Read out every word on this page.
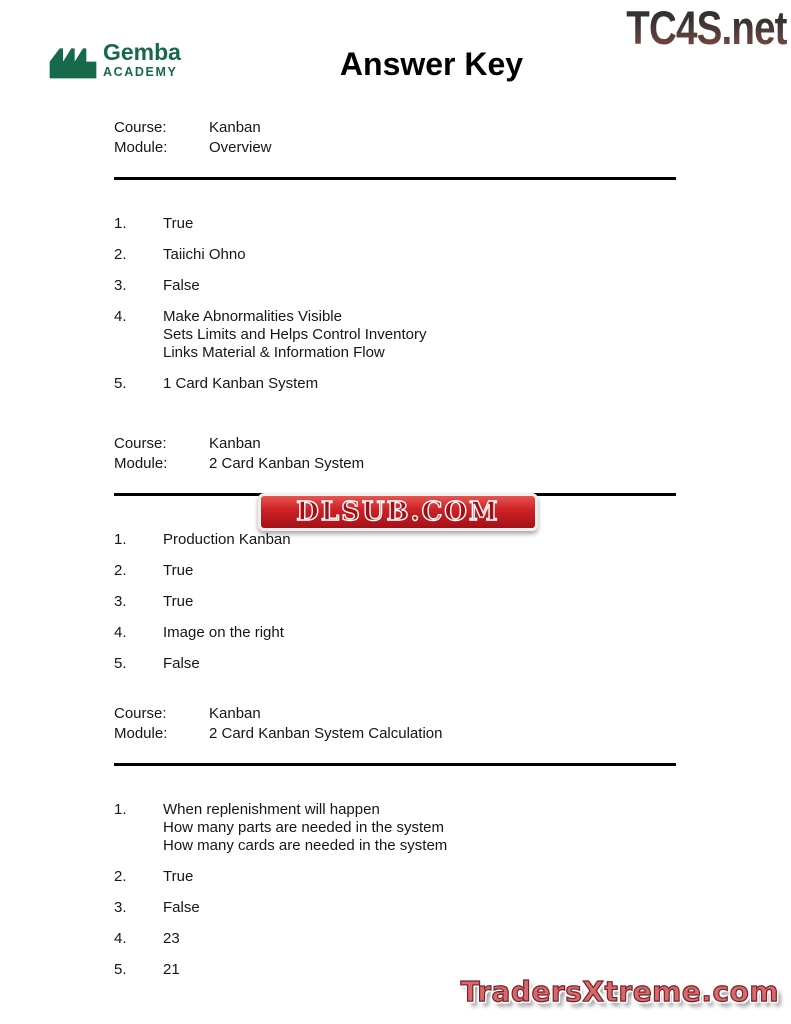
TC4S.net
Gemba
ACADEMY	Answer Key
Course:	Kanban
Module:	Overview
1.	True
2.	Taiichi Ohno
3.	False
4.	Make Abnormalities Visible
Sets Limits and Helps Control Inventory
Links Material & Information Flow
5.	1 Card Kanban System
Course:	Kanban
Module:	2 Card Kanban System
DLSUB.COM
1.	Production Kanban
2.	True
3.	True
4.	Image on the right
5.	False
Course:	Kanban
Module:	2 Card Kanban System Calculation
1.	When replenishment will happen
How many parts are needed in the system
How many cards are needed in the system
2.	True
3.	False
4.	23
5.	21
TradersXtreme.com
